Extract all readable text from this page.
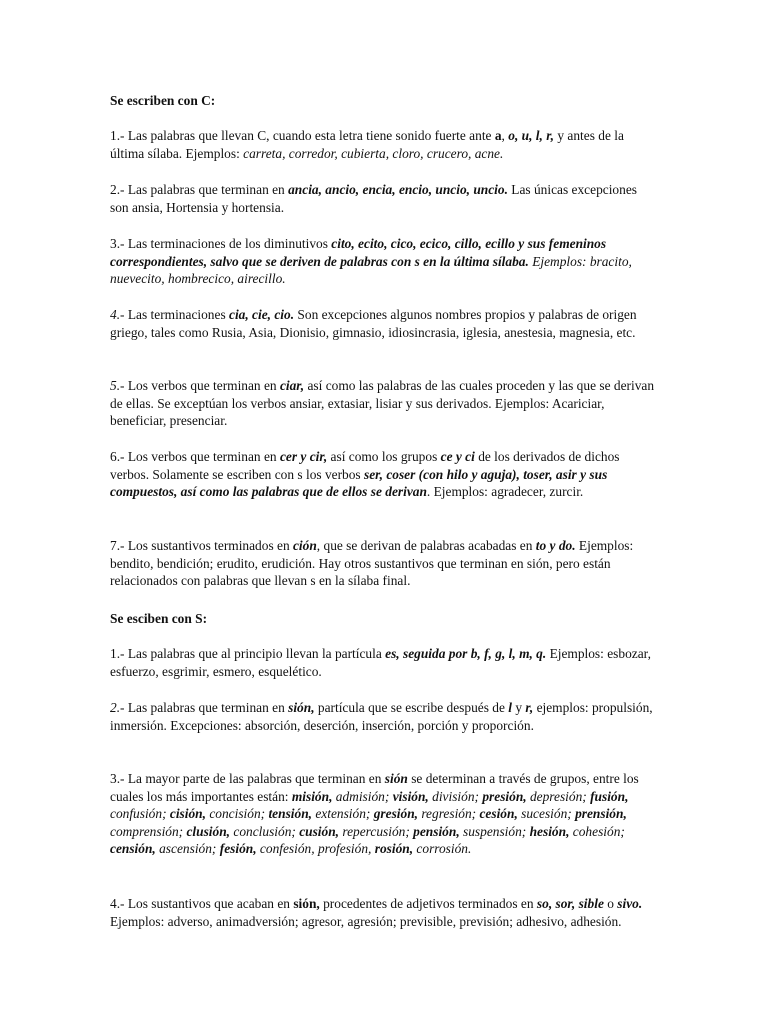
Se escriben con C:

1.- Las palabras que llevan C, cuando esta letra tiene sonido fuerte ante a, o, u, l, r, y antes de la última sílaba. Ejemplos: carreta, corredor, cubierta, cloro, crucero, acne.

2.- Las palabras que terminan en ancia, ancio, encia, encio, uncio, uncio. Las únicas excepciones son ansia, Hortensia y hortensia.

3.- Las terminaciones de los diminutivos cito, ecito, cico, ecico, cillo, ecillo y sus femeninos correspondientes, salvo que se deriven de palabras con s en la última sílaba. Ejemplos: bracito, nuevecito, hombrecico, airecillo.

4.- Las terminaciones cia, cie, cio. Son excepciones algunos nombres propios y palabras de origen griego, tales como Rusia, Asia, Dionisio, gimnasio, idiosincrasia, iglesia, anestesia, magnesia, etc.

5.- Los verbos que terminan en ciar, así como las palabras de las cuales proceden y las que se derivan de ellas. Se exceptúan los verbos ansiar, extasiar, lisiar y sus derivados. Ejemplos: Acariciar, beneficiar, presenciar.

6.- Los verbos que terminan en cer y cir, así como los grupos ce y ci de los derivados de dichos verbos. Solamente se escriben con s los verbos ser, coser (con hilo y aguja), toser, asir y sus compuestos, así como las palabras que de ellos se derivan. Ejemplos: agradecer, zurcir.

7.- Los sustantivos terminados en ción, que se derivan de palabras acabadas en to y do. Ejemplos: bendito, bendición; erudito, erudición. Hay otros sustantivos que terminan en sión, pero están relacionados con palabras que llevan s en la sílaba final.

Se esciben con S:

1.- Las palabras que al principio llevan la partícula es, seguida por b, f, g, l, m, q. Ejemplos: esbozar, esfuerzo, esgrimir, esmero, esquelético.

2.- Las palabras que terminan en sión, partícula que se escribe después de l y r, ejemplos: propulsión, inmersión. Excepciones: absorción, deserción, inserción, porción y proporción.

3.- La mayor parte de las palabras que terminan en sión se determinan a través de grupos, entre los cuales los más importantes están: misión, admisión; visión, división; presión, depresión; fusión, confusión; cisión, concisión; tensión, extensión; gresión, regresión; cesión, sucesión; prensión, comprensión; clusión, conclusión; cusión, repercusión; pensión, suspensión; hesión, cohesión; censión, ascensión; fesión, confesión, profesión, rosión, corrosión.

4.- Los sustantivos que acaban en sión, procedentes de adjetivos terminados en so, sor, sible o sivo. Ejemplos: adverso, animadversión; agresor, agresión; previsible, previsión; adhesivo, adhesión.
